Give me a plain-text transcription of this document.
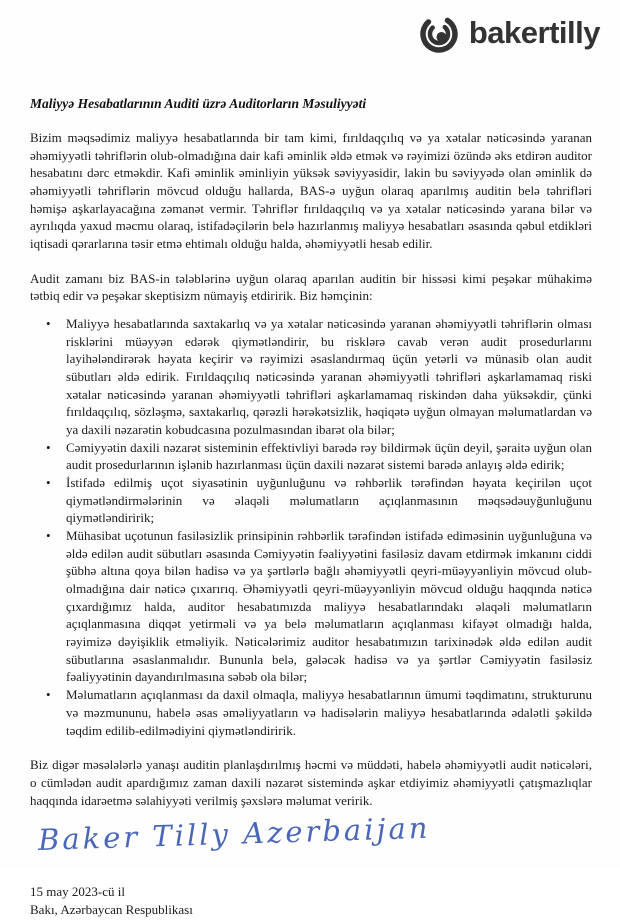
bakertilly
Maliyyə Hesabatlarının Auditi üzrə Auditorların Məsuliyyəti

Bizim məqsədimiz maliyyə hesabatlarında bir tam kimi, fırıldaqçılıq və ya xətalar nəticəsində yaranan əhəmiyyətli təhriflərin olub-olmadığına dair kafi əminlik əldə etmək və rəyimizi özündə əks etdirən auditor hesabatını dərc etməkdir. Kafi əminlik əminliyin yüksək səviyyəsidir, lakin bu səviyyədə olan əminlik də əhəmiyyətli təhriflərin mövcud olduğu hallarda, BAS-ə uyğun olaraq aparılmış auditin belə təhrifləri həmişə aşkarlayacağına zəmanət vermir. Təhriflər fırıldaqçılıq və ya xətalar nəticəsində yarana bilər və ayrılıqda yaxud məcmu olaraq, istifadəçilərin belə hazırlanmış maliyyə hesabatları əsasında qəbul etdikləri iqtisadi qərarlarına təsir etmə ehtimalı olduğu halda, əhəmiyyətli hesab edilir.

Audit zamanı biz BAS-in tələblərinə uyğun olaraq aparılan auditin bir hissəsi kimi peşəkar mühakimə tətbiq edir və peşəkar skeptisizm nümayiş etdiririk. Biz həmçinin:

• Maliyyə hesabatlarında saxtakarlıq və ya xətalar nəticəsində yaranan əhəmiyyətli təhriflərin olması risklərini müəyyən edərək qiymətləndirir, bu risklərə cavab verən audit prosedurlarını layihələndirərək həyata keçirir və rəyimizi əsaslandırmaq üçün yetərli və münasib olan audit sübutları əldə edirik. Fırıldaqçılıq nəticəsində yaranan əhəmiyyətli təhrifləri aşkarlamamaq riski xətalar nəticəsində yaranan əhəmiyyətli təhrifləri aşkarlamamaq riskindən daha yüksəkdir, çünki fırıldaqçılıq, sözləşmə, saxtakarlıq, qərəzli hərəkətsizlik, həqiqətə uyğun olmayan məlumatlardan və ya daxili nəzarətin kobudcasına pozulmasından ibarət ola bilər;
• Cəmiyyətin daxili nəzarət sisteminin effektivliyi barədə rəy bildirmək üçün deyil, şəraitə uyğun olan audit prosedurlarının işlənib hazırlanması üçün daxili nəzarət sistemi barədə anlayış əldə edirik;
• İstifadə edilmiş uçot siyasətinin uyğunluğunu və rəhbərlik tərəfindən həyata keçirilən uçot qiymətləndirmələrinin və əlaqəli məlumatların açıqlanmasının məqsədəuyğunluğunu qiymətləndiririk;
• Mühasibat uçotunun fasiləsizlik prinsipinin rəhbərlik tərəfindən istifadə ediməsinin uyğunluğuna və əldə edilən audit sübutları əsasında Cəmiyyətin fəaliyyətini fasiləsiz davam etdirmək imkanını ciddi şübhə altına qoya bilən hadisə və ya şərtlərlə bağlı əhəmiyyətli qeyri-müəyyənliyin mövcud olub-olmadığına dair nəticə çıxarırıq. Əhəmiyyətli qeyri-müəyyənliyin mövcud olduğu haqqında nəticə çıxardığımız halda, auditor hesabatımızda maliyyə hesabatlarındakı əlaqəli məlumatların açıqlanmasına diqqət yetirməli və ya belə məlumatların açıqlanması kifayət olmadığı halda, rəyimizə dəyişiklik etməliyik. Nəticələrimiz auditor hesabatımızın tarixinədək əldə edilən audit sübutlarına əsaslanmalıdır. Bununla belə, gələcək hadisə və ya şərtlər Cəmiyyətin fasiləsiz fəaliyyətinin dayandırılmasına səbəb ola bilər;
• Məlumatların açıqlanması da daxil olmaqla, maliyyə hesabatlarının ümumi təqdimatını, strukturunu və məzmununu, habelə əsas əməliyyatların və hadisələrin maliyyə hesabatlarında ədalətli şəkildə təqdim edilib-edilmədiyini qiymətləndiririk.

Biz digər məsələlərlə yanaşı auditin planlaşdırılmış həcmi və müddəti, habelə əhəmiyyətli audit nəticələri, o cümlədən audit apardığımız zaman daxili nəzarət sistemində aşkar etdiyimiz əhəmiyyətli çatışmazlıqlar haqqında idarəetmə səlahiyyəti verilmiş şəxslərə məlumat veririk.

Baker Tilly Azerbaijan
15 may 2023-cü il
Bakı, Azərbaycan Respublikası
